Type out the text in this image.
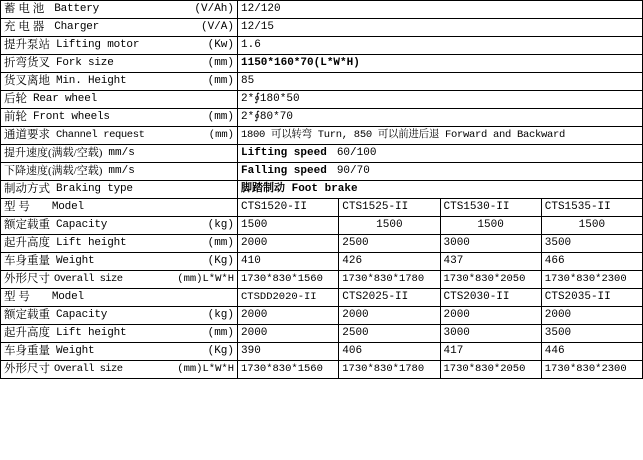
蓄 电 池 Battery (V/Ah)	12/120			

充 电 器 Charger (V/A)	12/15			

提升泵站 Lifting motor (Kw)	1.6			

折弯货叉 Fork size (mm)	1150*160*70(L*W*H)			

货叉离地 Min. Height (mm)	85			

后轮 Rear wheel	2*∮180*50			

前轮 Front wheels (mm)	2*∮80*70			

通道要求 Channel request (mm)	1800 可以转弯 Turn, 850 可以前进后退 Forward and Backward			

提升速度(满载/空载) mm/s	Lifting speed 60/100			

下降速度(满载/空载) mm/s	Falling speed 90/70			

制动方式 Braking type	脚踏制动 Foot brake			

型 号 Model	CTS1520-II	CTS1525-II	CTS1530-II	CTS1535-II

额定载重 Capacity (kg)	1500	1500	1500	1500

起升高度 Lift height (mm)	2000	2500	3000	3500

车身重量 Weight (Kg)	410	426	437	466

外形尺寸 Overall size (mm)L*W*H	1730*830*1560	1730*830*1780	1730*830*2050	1730*830*2300

型 号 Model	CTSDD2020-II	CTS2025-II	CTS2030-II	CTS2035-II

额定载重 Capacity (kg)	2000	2000	2000	2000

起升高度 Lift height (mm)	2000	2500	3000	3500

车身重量 Weight (Kg)	390	406	417	446

外形尺寸 Overall size (mm)L*W*H	1730*830*1560	1730*830*1780	1730*830*2050	1730*830*2300
